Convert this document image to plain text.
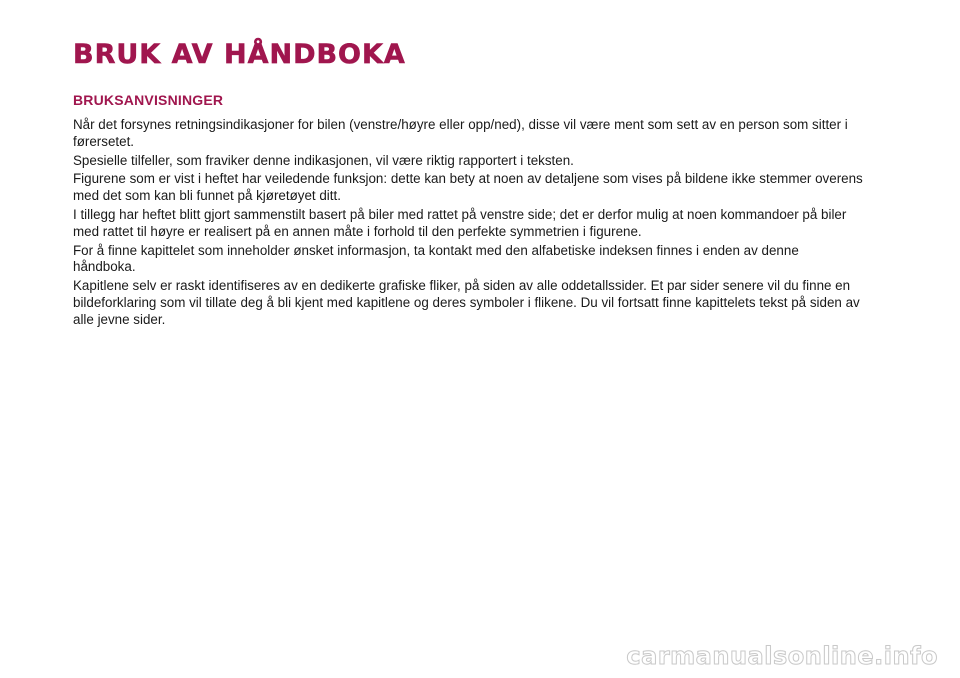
BRUK AV HÅNDBOKA
BRUKSANVISNINGER

Når det forsynes retningsindikasjoner for bilen (venstre/høyre eller opp/ned), disse vil være ment som sett av en person som sitter i førersetet.

Spesielle tilfeller, som fraviker denne indikasjonen, vil være riktig rapportert i teksten.

Figurene som er vist i heftet har veiledende funksjon: dette kan bety at noen av detaljene som vises på bildene ikke stemmer overens med det som kan bli funnet på kjøretøyet ditt.

I tillegg har heftet blitt gjort sammenstilt basert på biler med rattet på venstre side; det er derfor mulig at noen kommandoer på biler med rattet til høyre er realisert på en annen måte i forhold til den perfekte symmetrien i figurene.

For å finne kapittelet som inneholder ønsket informasjon, ta kontakt med den alfabetiske indeksen finnes i enden av denne håndboka.

Kapitlene selv er raskt identifiseres av en dedikerte grafiske fliker, på siden av alle oddetallssider. Et par sider senere vil du finne en bildeforklaring som vil tillate deg å bli kjent med kapitlene og deres symboler i flikene. Du vil fortsatt finne kapittelets tekst på siden av alle jevne sider.

carmanualsonline.info
